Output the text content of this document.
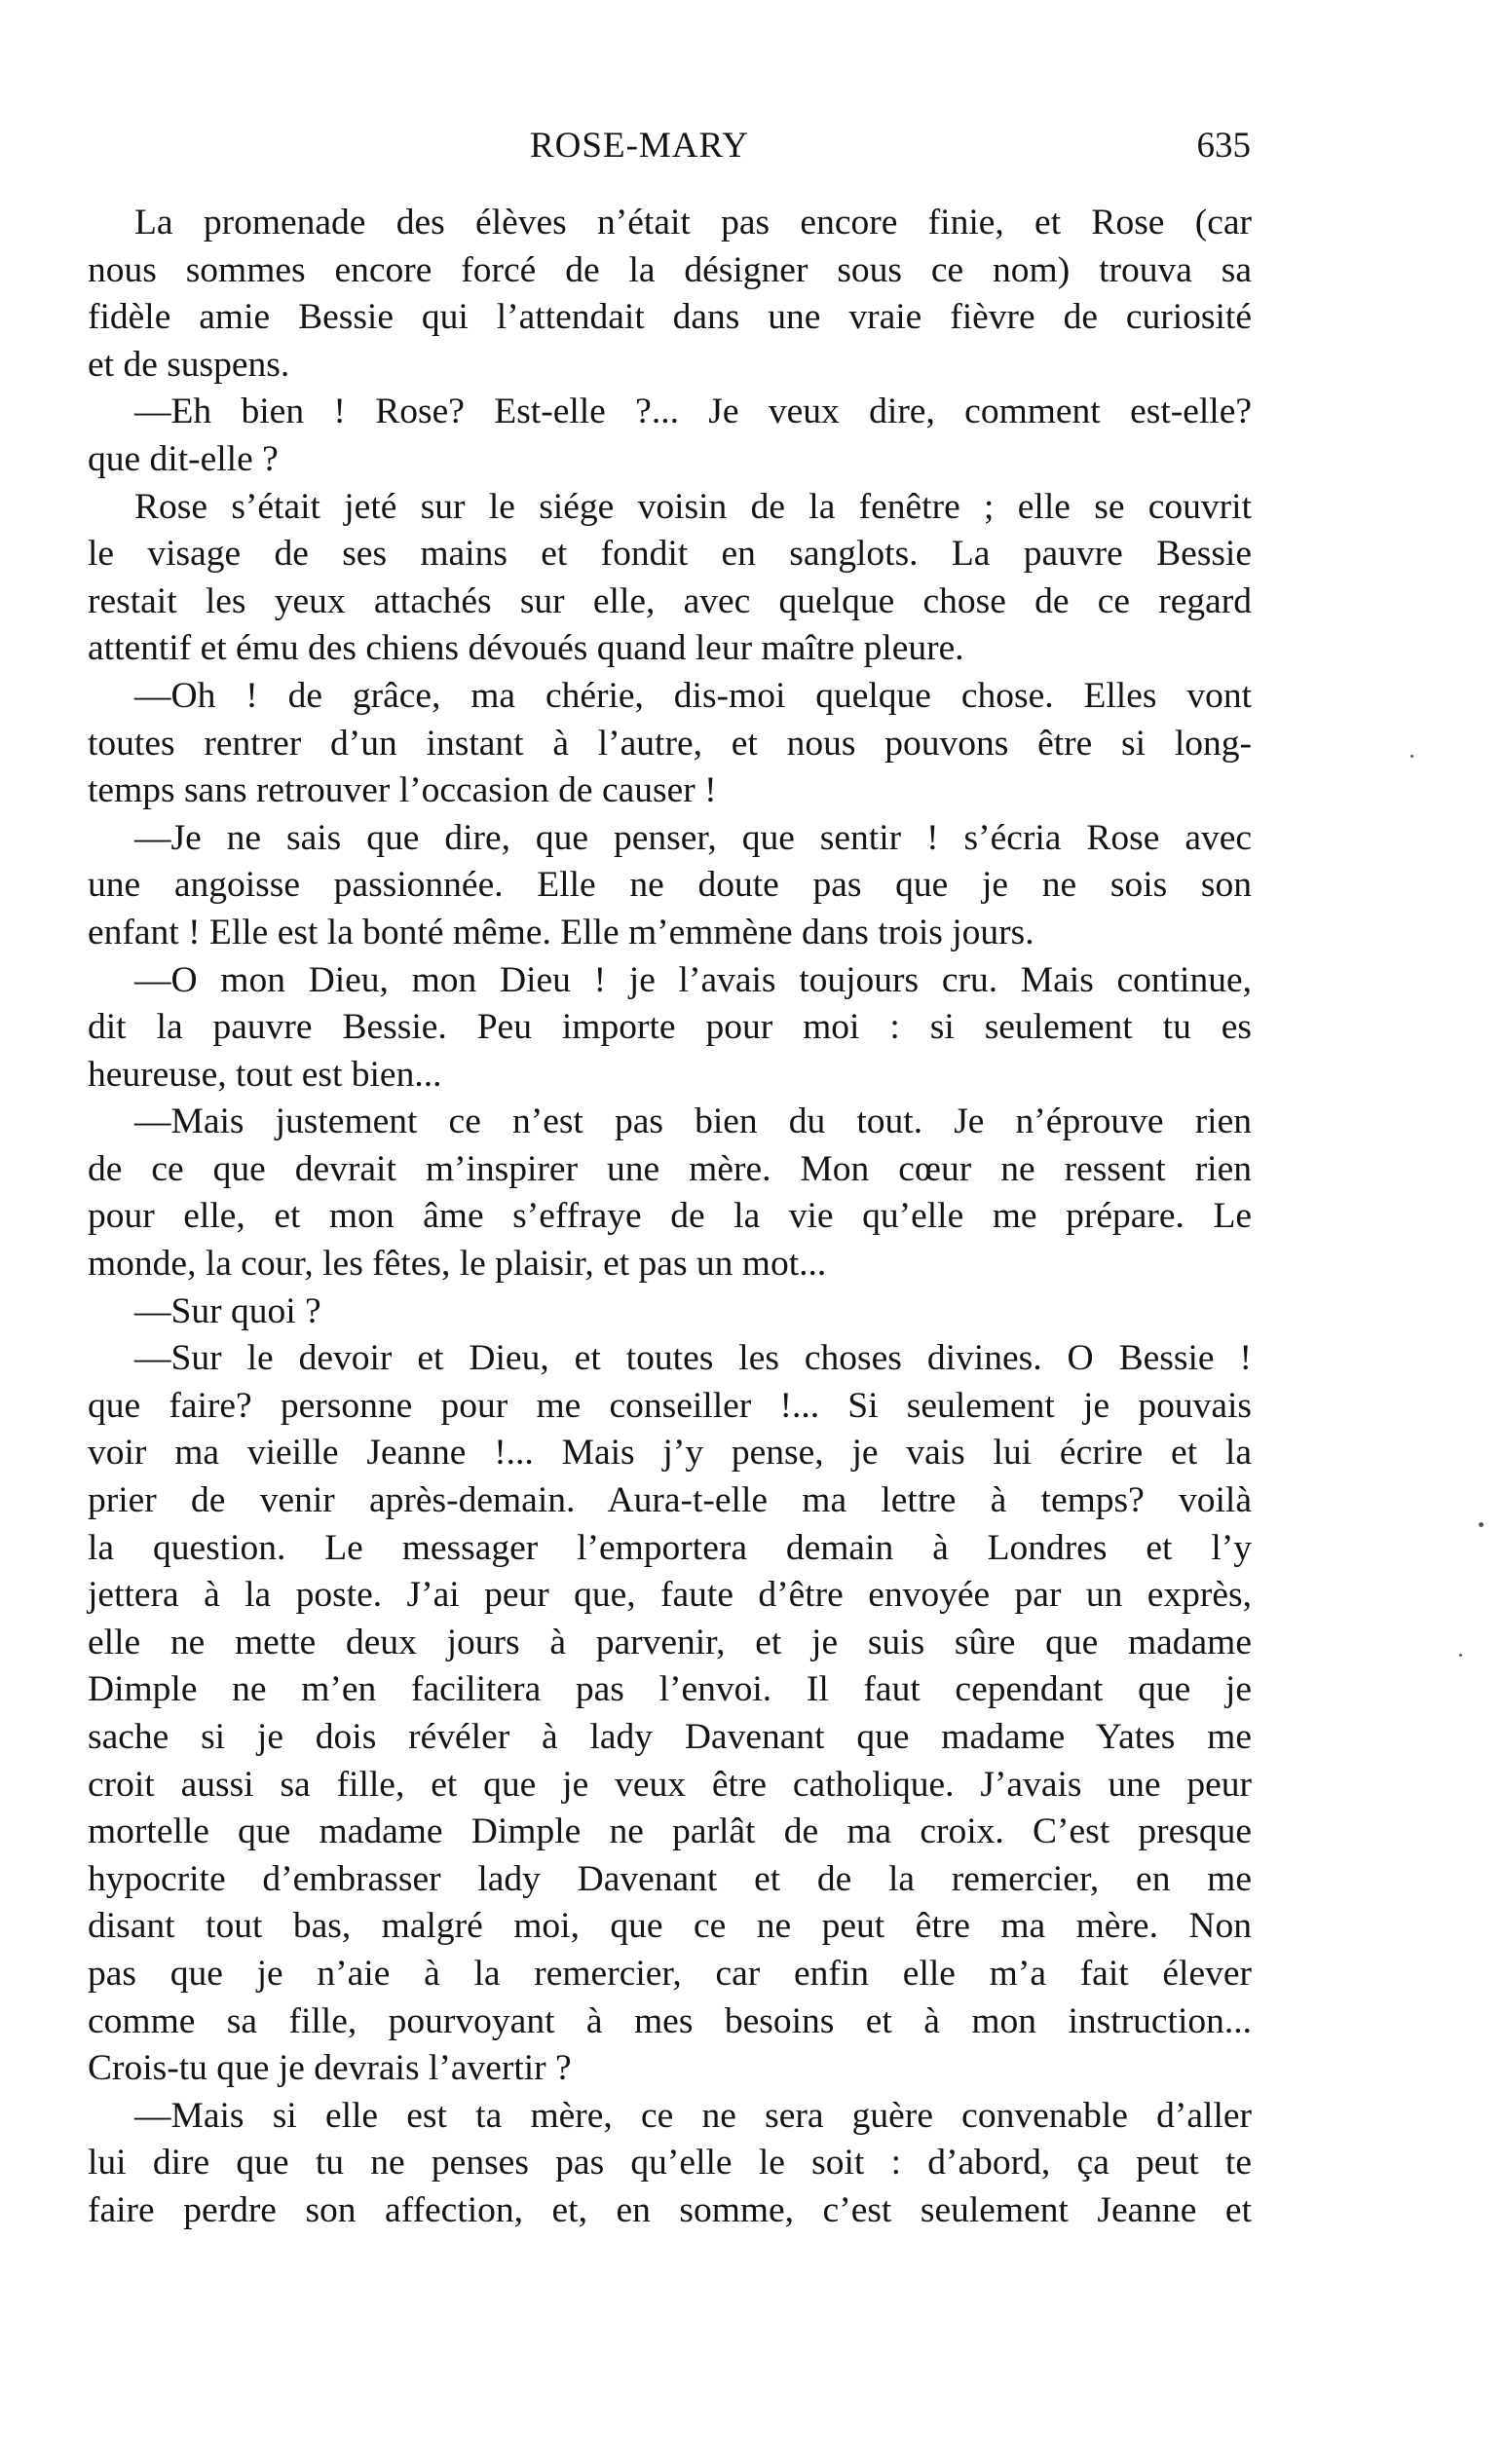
ROSE-MARY	635
La promenade des élèves n’était pas encore finie, et Rose (car
nous sommes encore forcé de la désigner sous ce nom) trouva sa
fidèle amie Bessie qui l’attendait dans une vraie fièvre de curiosité
et de suspens.
—Eh bien ! Rose? Est-elle ?... Je veux dire, comment est-elle?
que dit-elle ?
Rose s’était jeté sur le siége voisin de la fenêtre ; elle se couvrit
le visage de ses mains et fondit en sanglots. La pauvre Bessie
restait les yeux attachés sur elle, avec quelque chose de ce regard
attentif et ému des chiens dévoués quand leur maître pleure.
—Oh ! de grâce, ma chérie, dis-moi quelque chose. Elles vont
toutes rentrer d’un instant à l’autre, et nous pouvons être si long-
temps sans retrouver l’occasion de causer !
—Je ne sais que dire, que penser, que sentir ! s’écria Rose avec
une angoisse passionnée. Elle ne doute pas que je ne sois son
enfant ! Elle est la bonté même. Elle m’emmène dans trois jours.
—O mon Dieu, mon Dieu ! je l’avais toujours cru. Mais continue,
dit la pauvre Bessie. Peu importe pour moi : si seulement tu es
heureuse, tout est bien...
—Mais justement ce n’est pas bien du tout. Je n’éprouve rien
de ce que devrait m’inspirer une mère. Mon cœur ne ressent rien
pour elle, et mon âme s’effraye de la vie qu’elle me prépare. Le
monde, la cour, les fêtes, le plaisir, et pas un mot...
—Sur quoi ?
—Sur le devoir et Dieu, et toutes les choses divines. O Bessie !
que faire? personne pour me conseiller !... Si seulement je pouvais
voir ma vieille Jeanne !... Mais j’y pense, je vais lui écrire et la
prier de venir après-demain. Aura-t-elle ma lettre à temps? voilà
la question. Le messager l’emportera demain à Londres et l’y
jettera à la poste. J’ai peur que, faute d’être envoyée par un exprès,
elle ne mette deux jours à parvenir, et je suis sûre que madame
Dimple ne m’en facilitera pas l’envoi. Il faut cependant que je
sache si je dois révéler à lady Davenant que madame Yates me
croit aussi sa fille, et que je veux être catholique. J’avais une peur
mortelle que madame Dimple ne parlât de ma croix. C’est presque
hypocrite d’embrasser lady Davenant et de la remercier, en me
disant tout bas, malgré moi, que ce ne peut être ma mère. Non
pas que je n’aie à la remercier, car enfin elle m’a fait élever
comme sa fille, pourvoyant à mes besoins et à mon instruction...
Crois-tu que je devrais l’avertir ?
—Mais si elle est ta mère, ce ne sera guère convenable d’aller
lui dire que tu ne penses pas qu’elle le soit : d’abord, ça peut te
faire perdre son affection, et, en somme, c’est seulement Jeanne et
